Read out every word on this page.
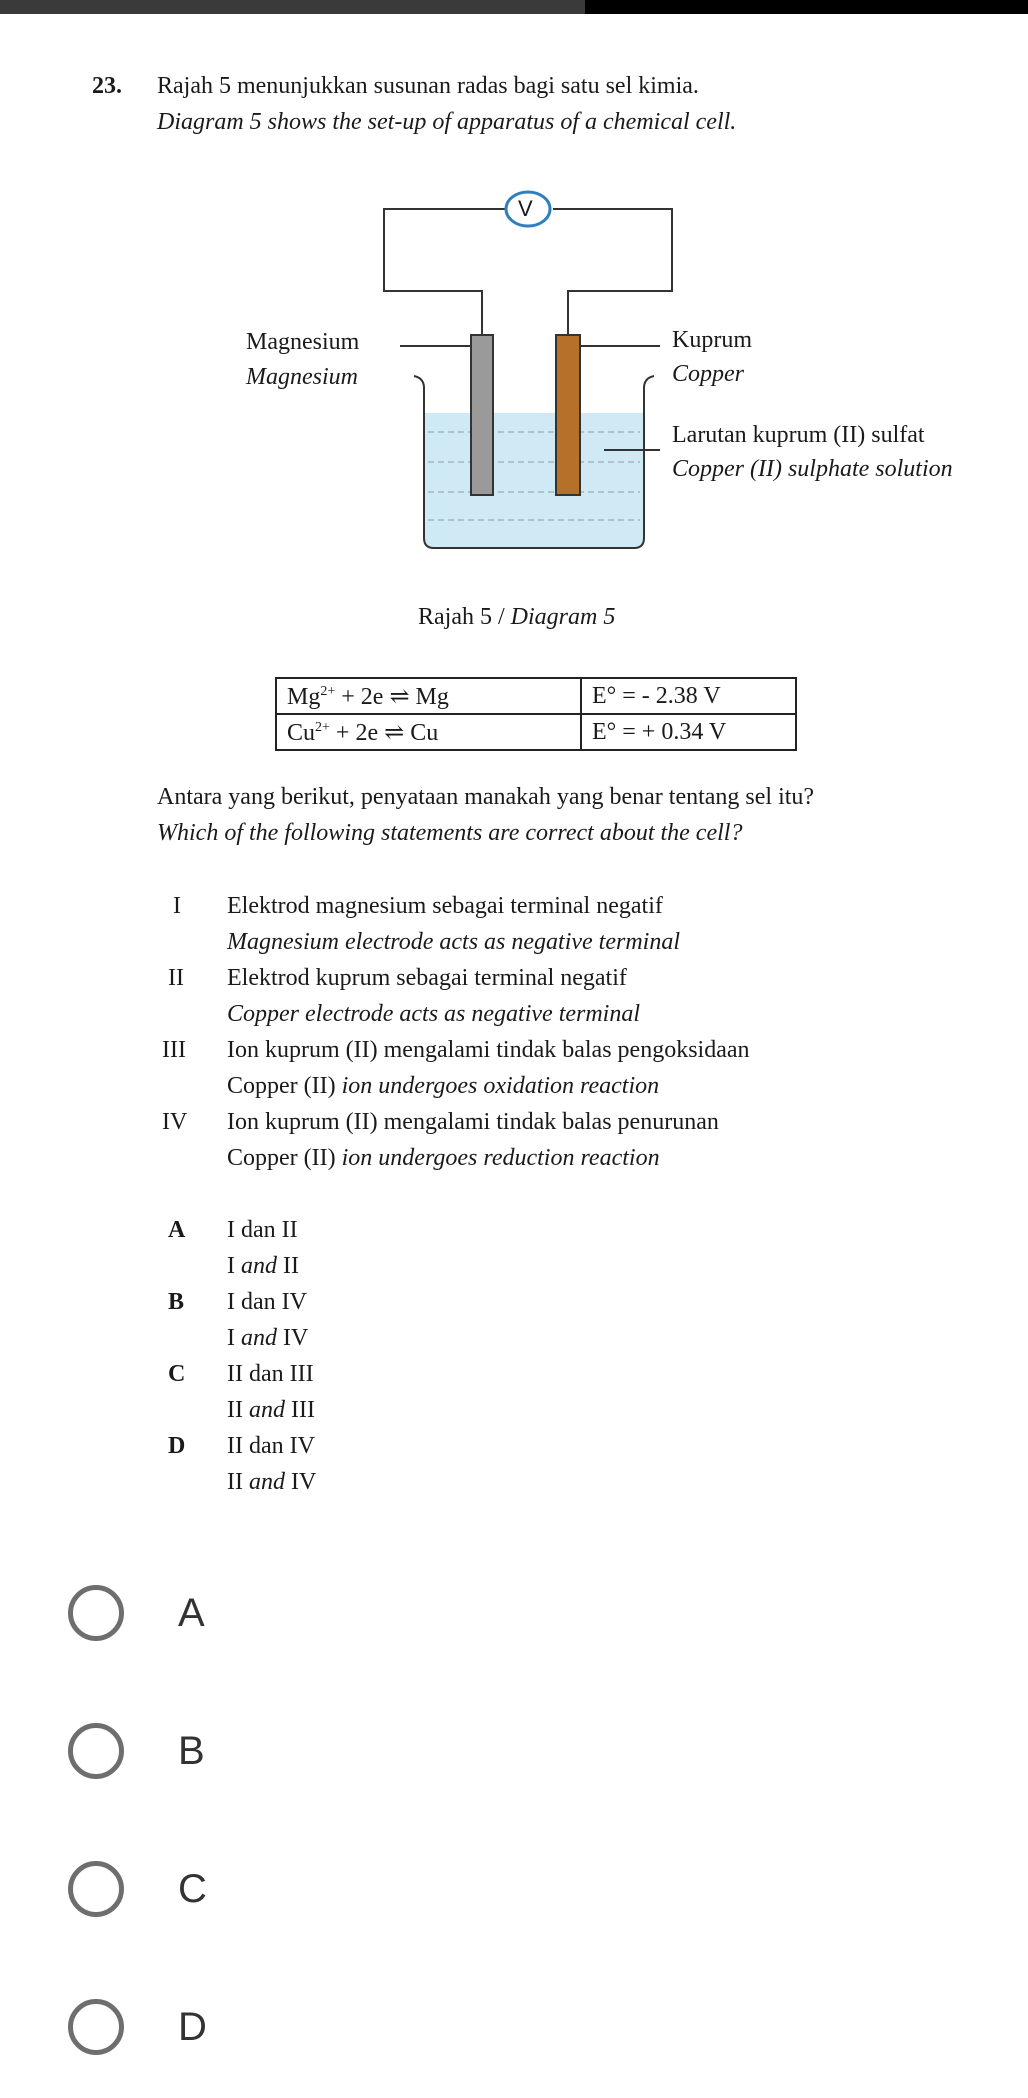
23. Rajah 5 menunjukkan susunan radas bagi satu sel kimia.
Diagram 5 shows the set-up of apparatus of a chemical cell.
V
Magnesium
Magnesium
Kuprum
Copper
Larutan kuprum (II) sulfat
Copper (II) sulphate solution
Rajah 5 / Diagram 5
$Mg^{2+} + 2e$ ⇌ Mg	E° = - 2.38 V
$Cu^{2+} + 2e$ ⇌ Cu	E° = + 0.34 V
Antara yang berikut, penyataan manakah yang benar tentang sel itu?
Which of the following statements are correct about the cell?
I Elektrod magnesium sebagai terminal negatif
Magnesium electrode acts as negative terminal
II Elektrod kuprum sebagai terminal negatif
Copper electrode acts as negative terminal
III Ion kuprum (II) mengalami tindak balas pengoksidaan
Copper (II) ion undergoes oxidation reaction
IV Ion kuprum (II) mengalami tindak balas penurunan
Copper (II) ion undergoes reduction reaction
A I dan II
I and II
B I dan IV
I and IV
C II dan III
II and III
D II dan IV
II and IV
A
B
C
D
